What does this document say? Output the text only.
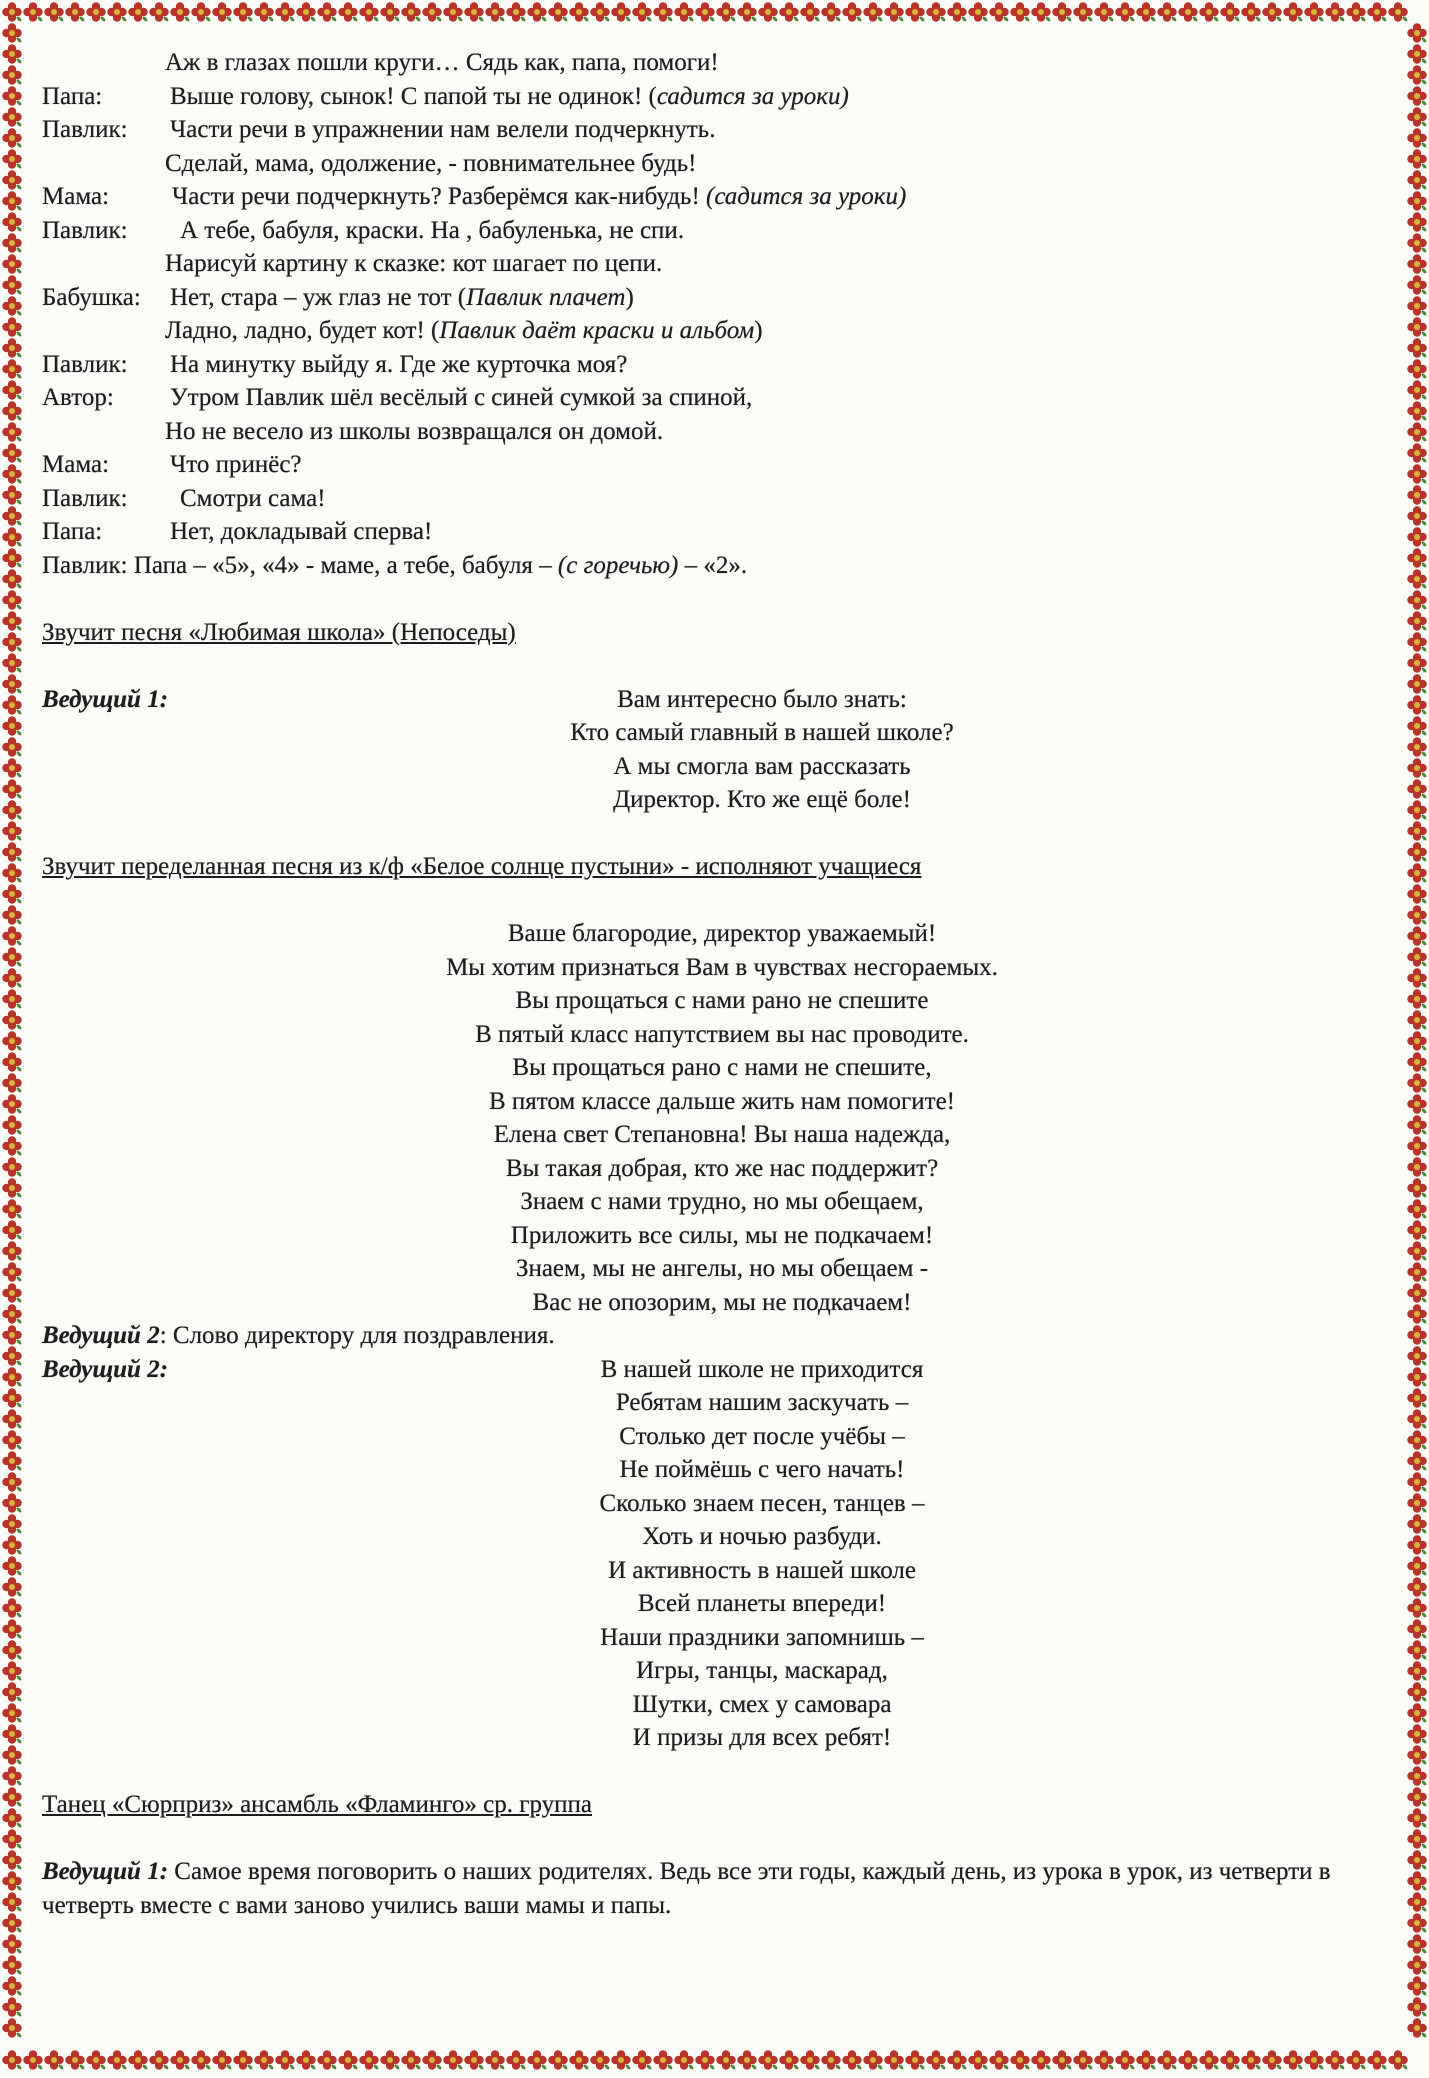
Аж в глазах пошли круги… Сядь как, папа, помоги!
Папа:	Выше голову, сынок! С папой ты не одинок! (садится за уроки)
Павлик: Части речи в упражнении нам велели подчеркнуть.
Сделай, мама, одолжение, - повнимательнее будь!
Мама:	Части речи подчеркнуть? Разберёмся как-нибудь! (садится за уроки)
Павлик: А тебе, бабуля, краски. На , бабуленька, не спи.
Нарисуй картину к сказке: кот шагает по цепи.
Бабушка: Нет, стара – уж глаз не тот (Павлик плачет)
Ладно, ладно, будет кот! (Павлик даёт краски и альбом)
Павлик: На минутку выйду я. Где же курточка моя?
Автор: Утром Павлик шёл весёлый с синей сумкой за спиной,
Но не весело из школы возвращался он домой.
Мама: Что принёс?
Павлик: Смотри сама!
Папа:	Нет, докладывай сперва!
Павлик: Папа – «5», «4» - маме, а тебе, бабуля – (с горечью) – «2».
Звучит песня «Любимая школа» (Непоседы)
Ведущий 1:	Вам интересно было знать:
Кто самый главный в нашей школе?
А мы смогла вам рассказать
Директор. Кто же ещё боле!
Звучит переделанная песня из к/ф «Белое солнце пустыни» - исполняют учащиеся
Ваше благородие, директор уважаемый!
Мы хотим признаться Вам в чувствах несгораемых.
Вы прощаться с нами рано не спешите
В пятый класс напутствием вы нас проводите.
Вы прощаться рано с нами не спешите,
В пятом классе дальше жить нам помогите!
Елена свет Степановна! Вы наша надежда,
Вы такая добрая, кто же нас поддержит?
Знаем с нами трудно, но мы обещаем,
Приложить все силы, мы не подкачаем!
Знаем, мы не ангелы, но мы обещаем -
Вас не опозорим, мы не подкачаем!
Ведущий 2: Слово директору для поздравления.
Ведущий 2:	В нашей школе не приходится
Ребятам нашим заскучать –
Столько дет после учёбы –
Не поймёшь с чего начать!
Сколько знаем песен, танцев –
Хоть и ночью разбуди.
И активность в нашей школе
Всей планеты впереди!
Наши праздники запомнишь –
Игры, танцы, маскарад,
Шутки, смех у самовара
И призы для всех ребят!
Танец «Сюрприз» ансамбль «Фламинго» ср. группа
Ведущий 1: Самое время поговорить о наших родителях. Ведь все эти годы, каждый день, из урока в урок, из четверти в четверть вместе с вами заново учились ваши мамы и папы.
